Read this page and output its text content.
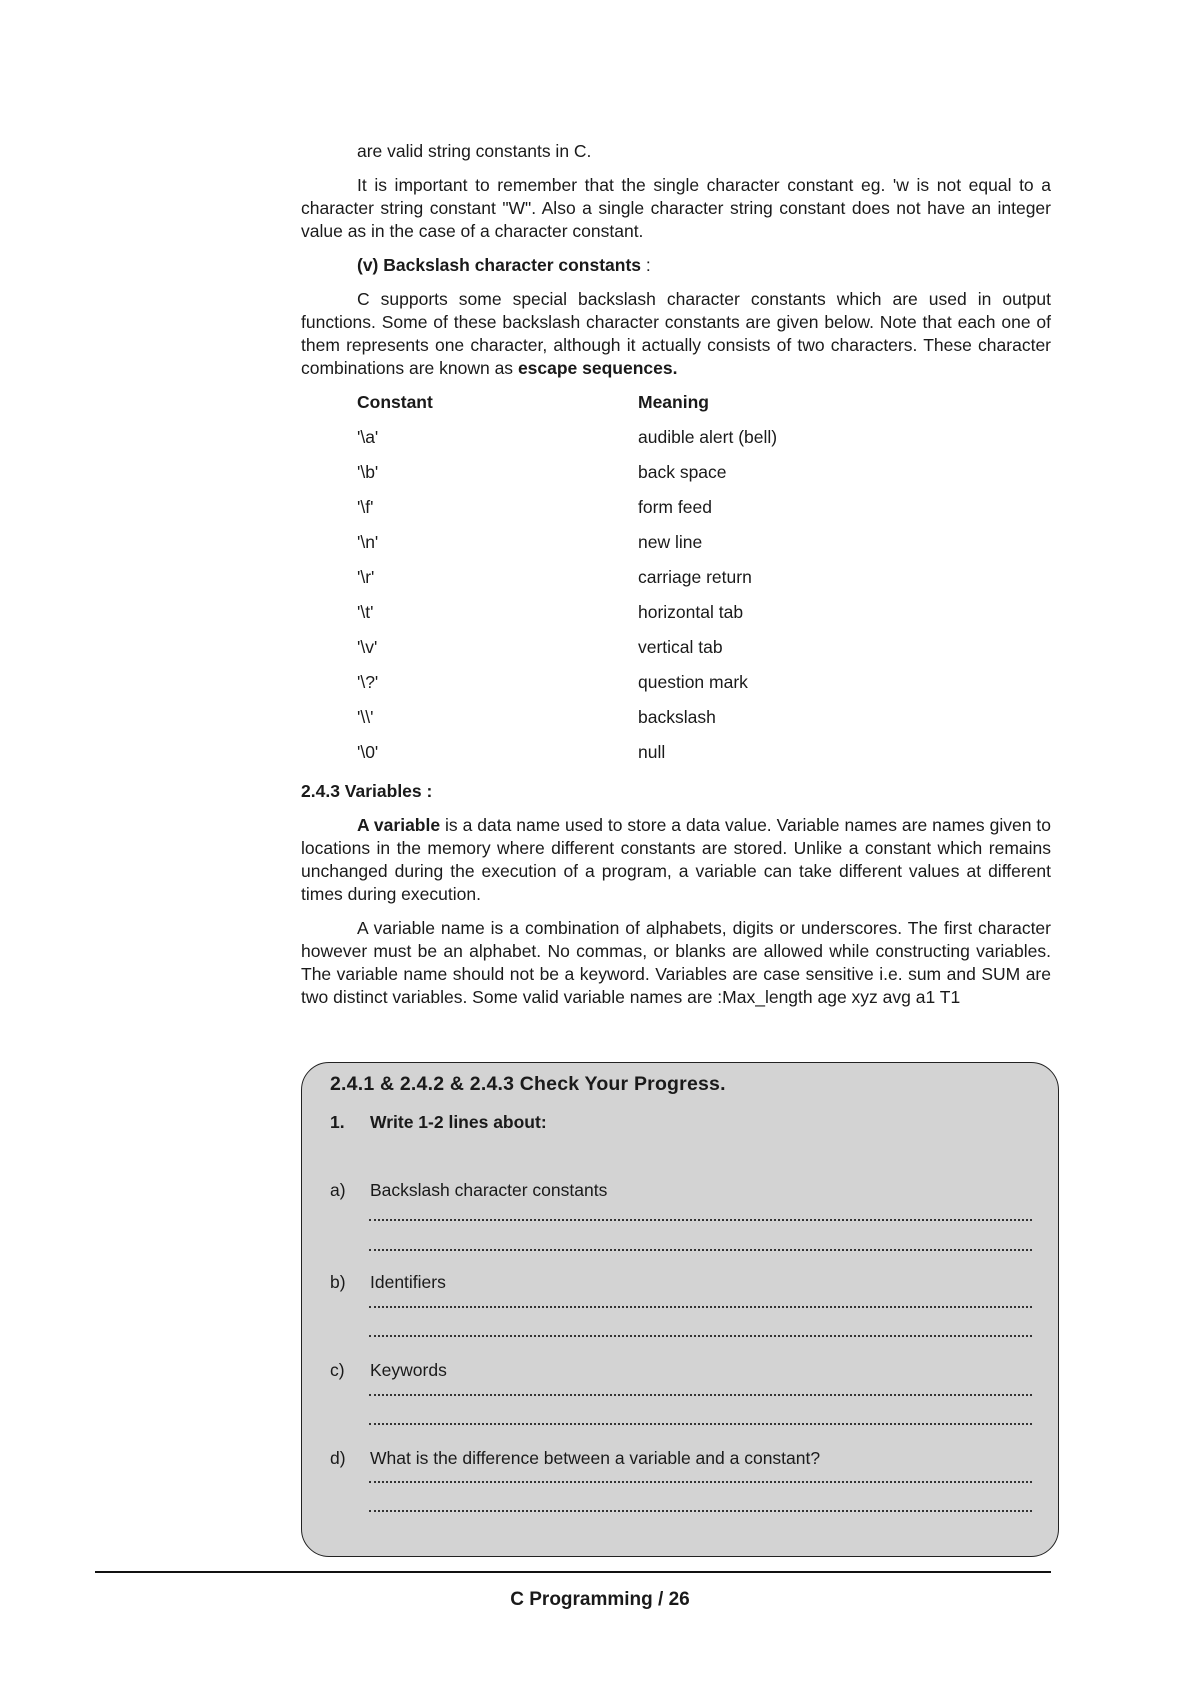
are valid string constants in C.

It is important to remember that the single character constant eg. 'w is not equal to a character string constant "W". Also a single character string constant does not have an integer value as in the case of a character constant.

(v) Backslash character constants :

C supports some special backslash character constants which are used in output functions. Some of these backslash character constants are given below. Note that each one of them represents one character, although it actually consists of two characters. These character combinations are known as escape sequences.

Constant	Meaning
'\a'	audible alert (bell)
'\b'	back space
'\f'	form feed
'\n'	new line
'\r'	carriage return
'\t'	horizontal tab
'\v'	vertical tab
'\?'	question mark
'\\'	backslash
'\0'	null
2.4.3 Variables :

A variable is a data name used to store a data value. Variable names are names given to locations in the memory where different constants are stored. Unlike a constant which remains unchanged during the execution of a program, a variable can take different values at different times during execution.

A variable name is a combination of alphabets, digits or underscores. The first character however must be an alphabet. No commas, or blanks are allowed while constructing variables. The variable name should not be a keyword. Variables are case sensitive i.e. sum and SUM are two distinct variables. Some valid variable names are :Max_length age xyz avg a1 T1

2.4.1 & 2.4.2 & 2.4.3 Check Your Progress.
1. Write 1-2 lines about:
a) Backslash character constants
b) Identifiers
c) Keywords
d) What is the difference between a variable and a constant?
C Programming / 26
